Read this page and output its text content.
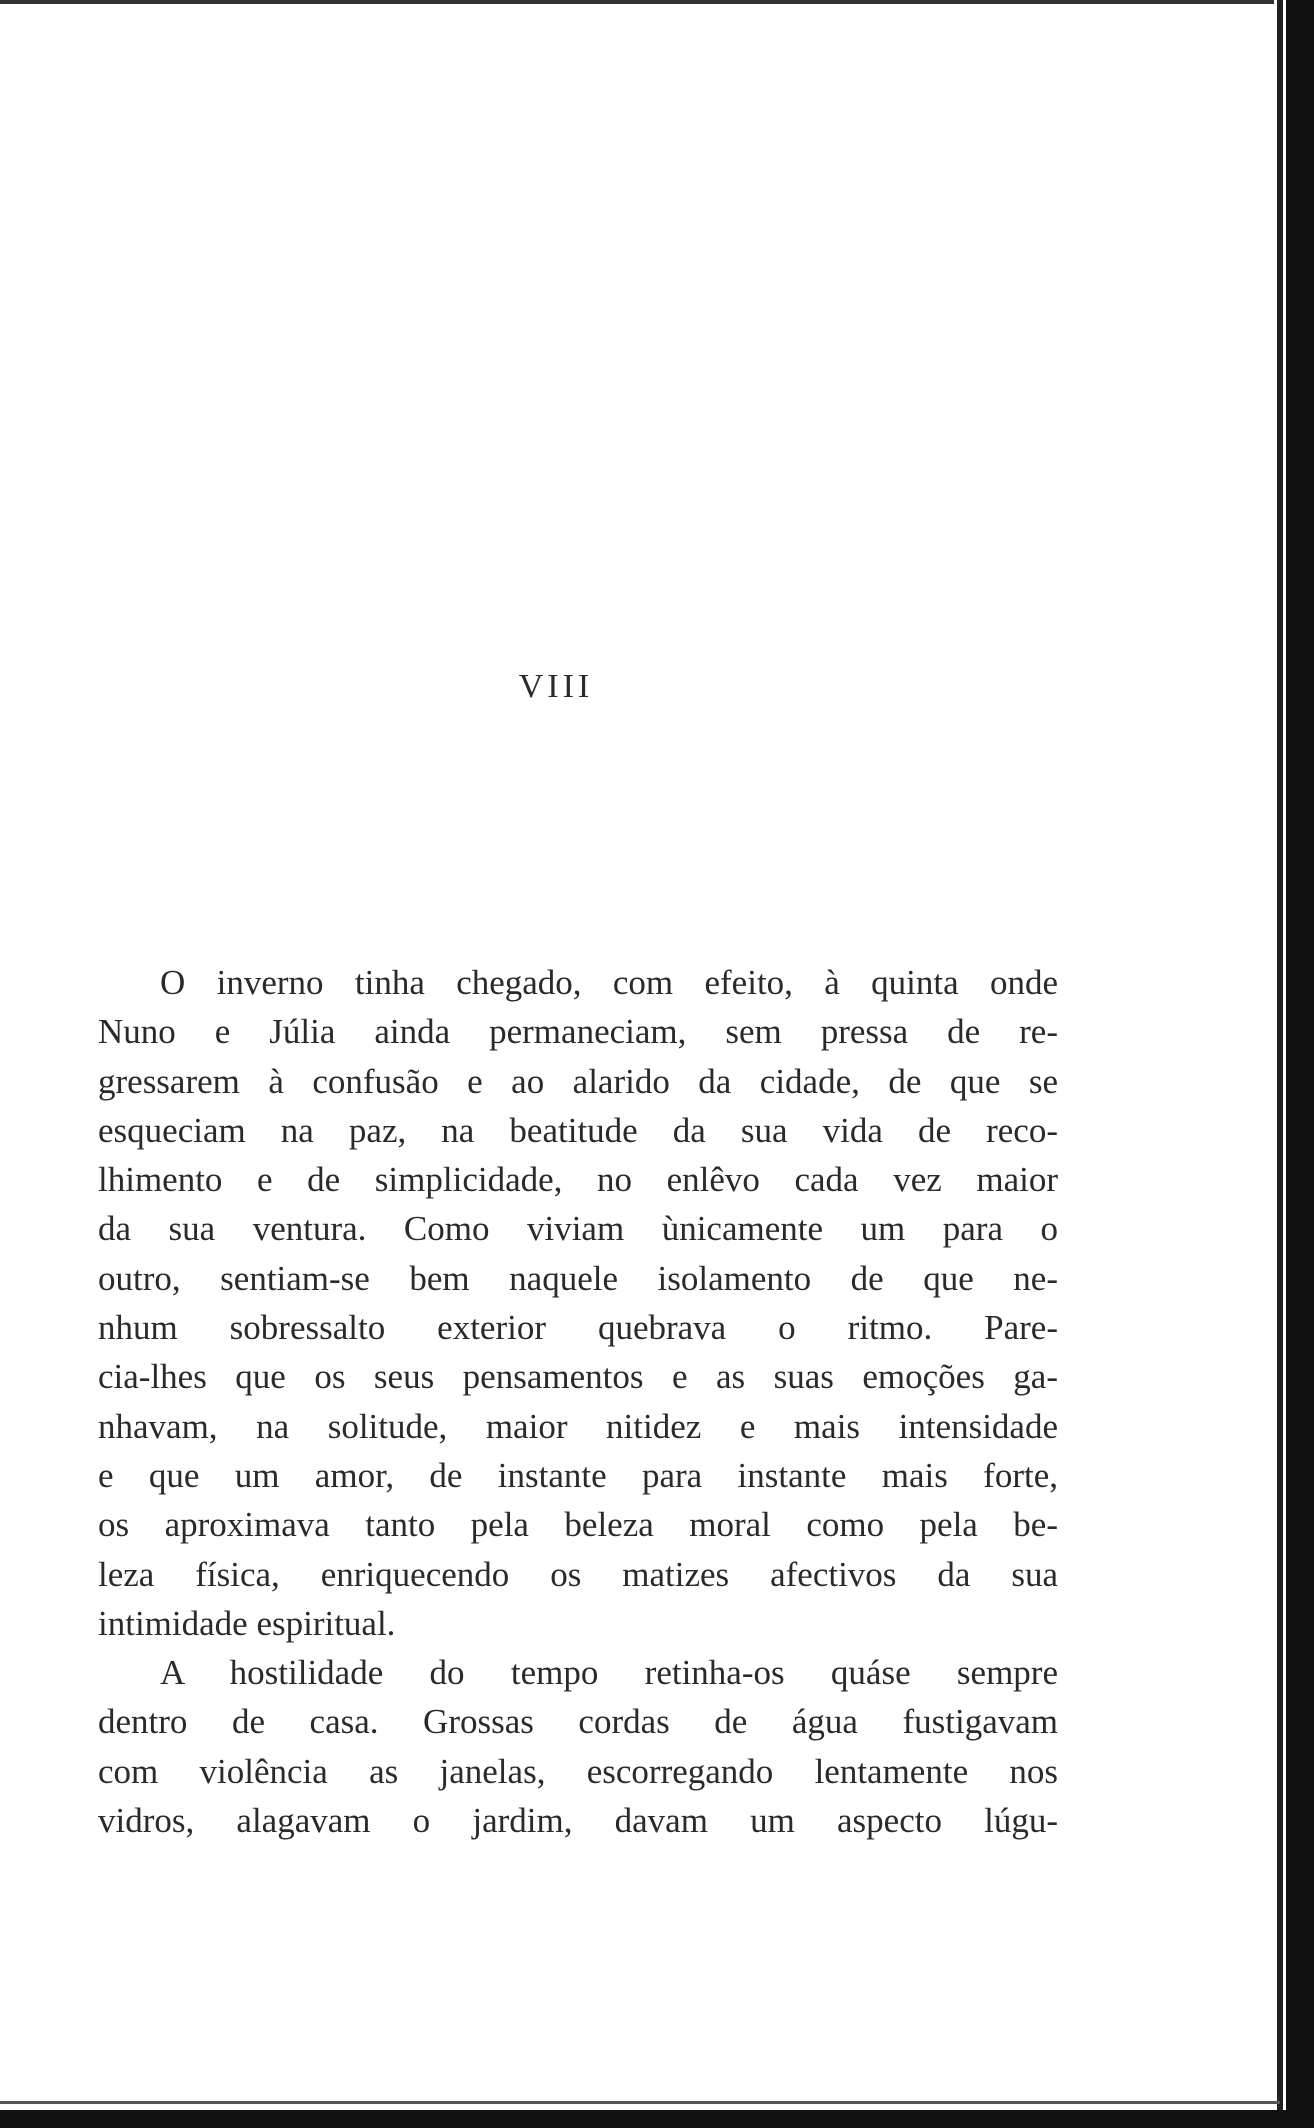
VIII
O inverno tinha chegado, com efeito, à quinta onde
Nuno e Júlia ainda permaneciam, sem pressa de re-
gressarem à confusão e ao alarido da cidade, de que se
esqueciam na paz, na beatitude da sua vida de reco-
lhimento e de simplicidade, no enlêvo cada vez maior
da sua ventura. Como viviam ùnicamente um para o
outro, sentiam-se bem naquele isolamento de que ne-
nhum sobressalto exterior quebrava o ritmo. Pare-
cia-lhes que os seus pensamentos e as suas emoções ga-
nhavam, na solitude, maior nitidez e mais intensidade
e que um amor, de instante para instante mais forte,
os aproximava tanto pela beleza moral como pela be-
leza física, enriquecendo os matizes afectivos da sua
intimidade espiritual.
A hostilidade do tempo retinha-os quáse sempre
dentro de casa. Grossas cordas de água fustigavam
com violência as janelas, escorregando lentamente nos
vidros, alagavam o jardim, davam um aspecto lúgu-
